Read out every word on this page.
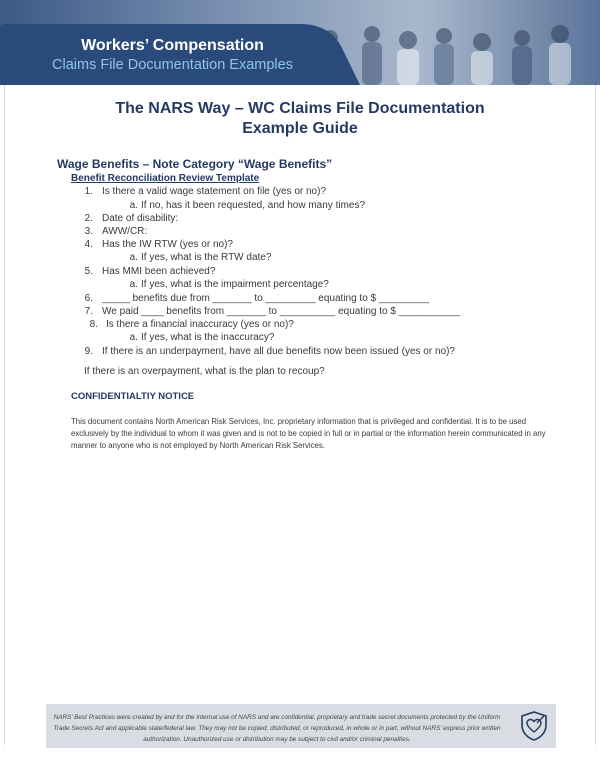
Workers’ Compensation
Claims File Documentation Examples
The NARS Way – WC Claims File Documentation
Example Guide
Wage Benefits – Note Category “Wage Benefits”
Benefit Reconciliation Review Template
1. Is there a valid wage statement on file (yes or no)?
a. If no, has it been requested, and how many times?
2. Date of disability:
3. AWW/CR:
4. Has the IW RTW (yes or no)?
a. If yes, what is the RTW date?
5. Has MMI been achieved?
a. If yes, what is the impairment percentage?
6. _____ benefits due from _______ to _________ equating to $ _________
7. We paid ____ benefits from _______ to __________ equating to $ ___________
8. Is there a financial inaccuracy (yes or no)?
a. If yes, what is the inaccuracy?
9. If there is an underpayment, have all due benefits now been issued (yes or no)?
If there is an overpayment, what is the plan to recoup?
CONFIDENTIALTIY NOTICE
This document contains North American Risk Services, Inc. proprietary information that is privileged and confidential. It is to be used exclusively by the individual to whom it was given and is not to be copied in full or in partial or the information herein communicated in any manner to anyone who is not employed by North American Risk Services.
NARS’ Best Practices were created by and for the internal use of NARS and are confidential, proprietary and trade secret documents protected by the Uniform Trade Secrets Act and applicable state/federal law. They may not be copied, distributed, or reproduced, in whole or in part, without NARS’ express prior written authorization. Unauthorized use or distribution may be subject to civil and/or criminal penalties.
